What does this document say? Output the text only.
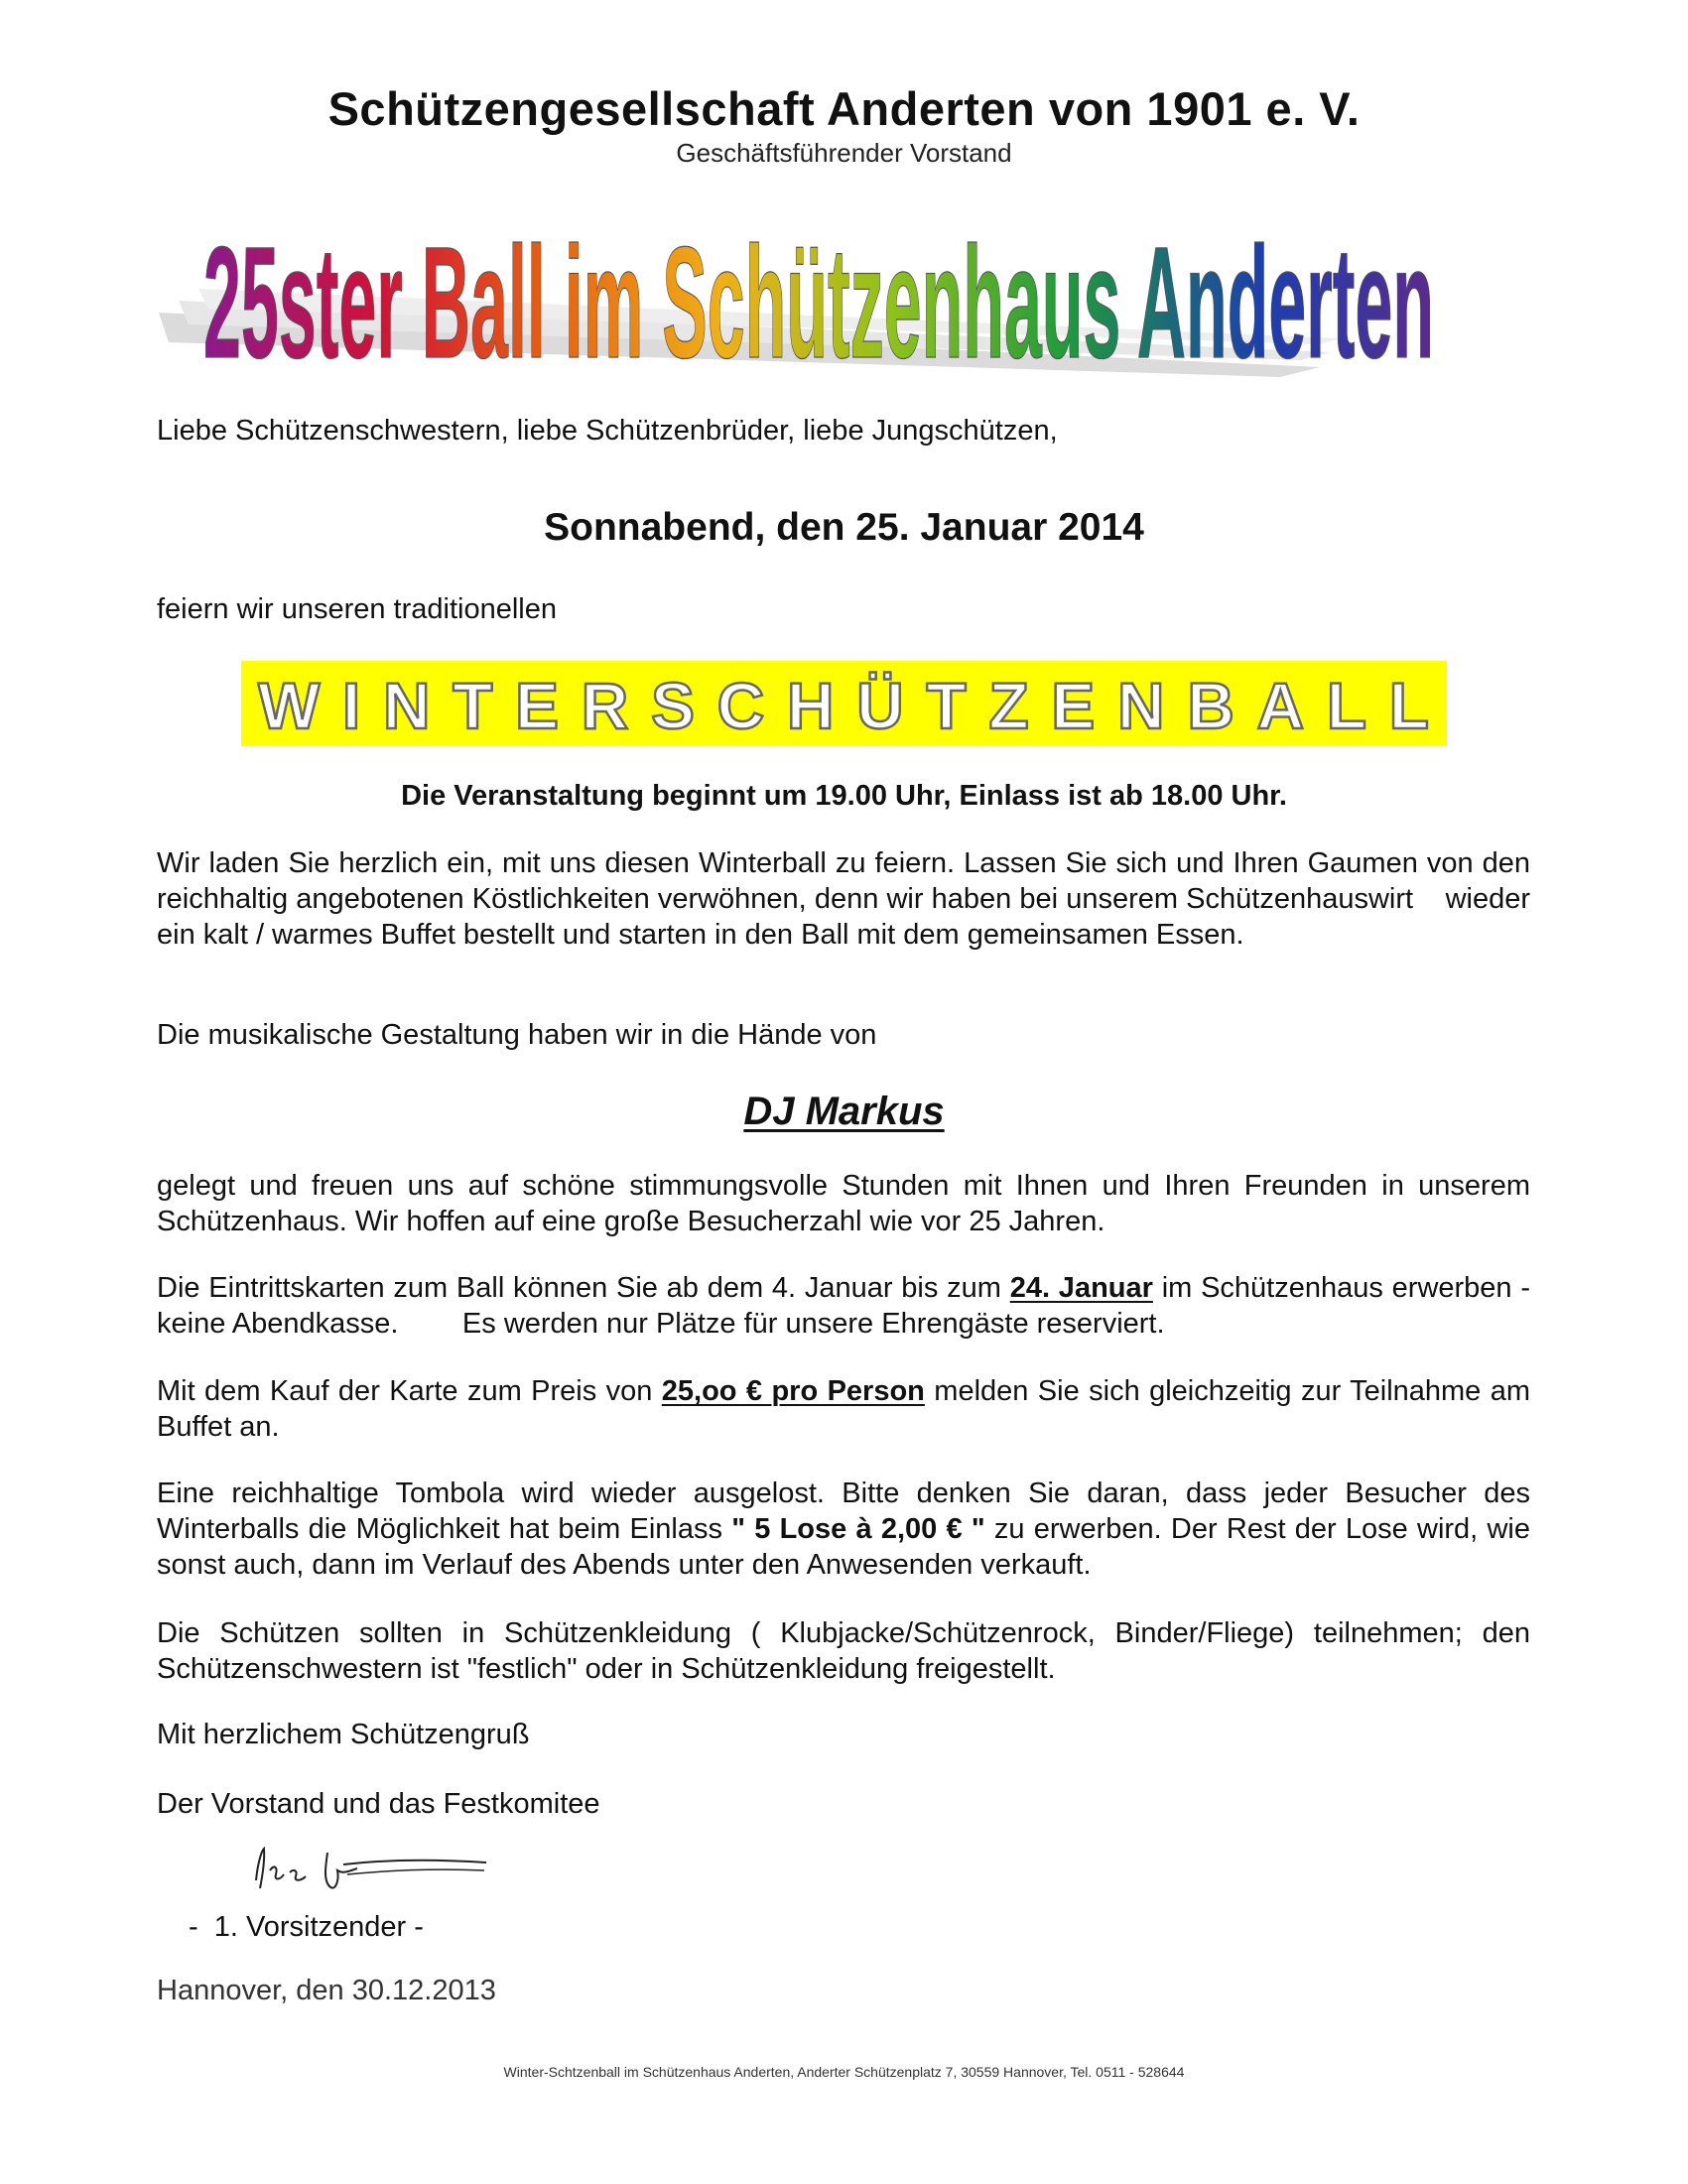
Schützengesellschaft Anderten von 1901 e. V.
Geschäftsführender Vorstand
25ster Ball im Schützenhaus Anderten
Liebe Schützenschwestern, liebe Schützenbrüder, liebe Jungschützen,
Sonnabend, den 25. Januar 2014
feiern wir unseren traditionellen
WINTERSCHÜTZENBALL
Die Veranstaltung beginnt um 19.00 Uhr, Einlass ist ab 18.00 Uhr.
Wir laden Sie herzlich ein, mit uns diesen Winterball zu feiern. Lassen Sie sich und Ihren Gaumen von den reichhaltig angebotenen Köstlichkeiten verwöhnen, denn wir haben bei unserem Schützenhauswirt    wieder ein kalt / warmes Buffet bestellt und starten in den Ball mit dem gemeinsamen Essen.
Die musikalische Gestaltung haben wir in die Hände von
DJ Markus
gelegt und freuen uns auf schöne stimmungsvolle Stunden mit Ihnen und Ihren Freunden in unserem Schützenhaus. Wir hoffen auf eine große Besucherzahl wie vor 25 Jahren.
Die Eintrittskarten zum Ball können Sie ab dem 4. Januar bis zum 24. Januar im Schützenhaus erwerben - keine Abendkasse.        Es werden nur Plätze für unsere Ehrengäste reserviert.
Mit dem Kauf der Karte zum Preis von 25,oo € pro Person melden Sie sich gleichzeitig zur Teilnahme am Buffet an.
Eine reichhaltige Tombola wird wieder ausgelost. Bitte denken Sie daran, dass jeder Besucher des Winterballs die Möglichkeit hat beim Einlass " 5 Lose à 2,00 € " zu erwerben. Der Rest der Lose wird, wie sonst auch, dann im Verlauf des Abends unter den Anwesenden verkauft.
Die Schützen sollten in Schützenkleidung ( Klubjacke/Schützenrock, Binder/Fliege) teilnehmen; den Schützenschwestern ist "festlich" oder in Schützenkleidung freigestellt.
Mit herzlichem Schützengruß
Der Vorstand und das Festkomitee
-  1. Vorsitzender -
Hannover, den 30.12.2013
Winter-Schtzenball im Schützenhaus Anderten, Anderter Schützenplatz 7, 30559 Hannover, Tel. 0511 - 528644
